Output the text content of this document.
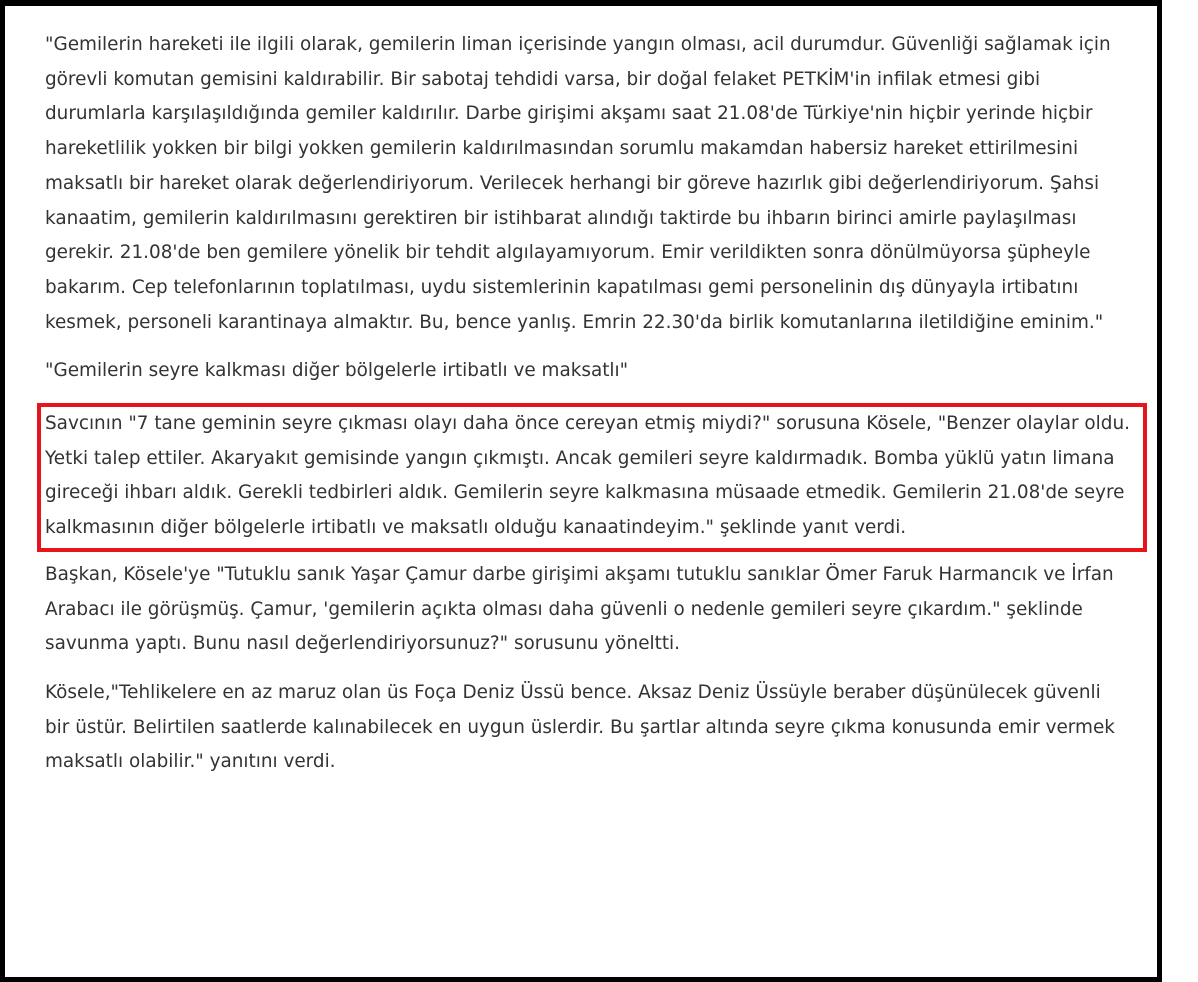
"Gemilerin hareketi ile ilgili olarak, gemilerin liman içerisinde yangın olması, acil durumdur. Güvenliği sağlamak için görevli komutan gemisini kaldırabilir. Bir sabotaj tehdidi varsa, bir doğal felaket PETKİM'in infilak etmesi gibi durumlarla karşılaşıldığında gemiler kaldırılır. Darbe girişimi akşamı saat 21.08'de Türkiye'nin hiçbir yerinde hiçbir hareketlilik yokken bir bilgi yokken gemilerin kaldırılmasından sorumlu makamdan habersiz hareket ettirilmesini maksatlı bir hareket olarak değerlendiriyorum. Verilecek herhangi bir göreve hazırlık gibi değerlendiriyorum. Şahsi kanaatim, gemilerin kaldırılmasını gerektiren bir istihbarat alındığı taktirde bu ihbarın birinci amirle paylaşılması gerekir. 21.08'de ben gemilere yönelik bir tehdit algılayamıyorum. Emir verildikten sonra dönülmüyorsa şüpheyle bakarım. Cep telefonlarının toplatılması, uydu sistemlerinin kapatılması gemi personelinin dış dünyayla irtibatını kesmek, personeli karantinaya almaktır. Bu, bence yanlış. Emrin 22.30'da birlik komutanlarına iletildiğine eminim."

"Gemilerin seyre kalkması diğer bölgelerle irtibatlı ve maksatlı"

Savcının "7 tane geminin seyre çıkması olayı daha önce cereyan etmiş miydi?" sorusuna Kösele, "Benzer olaylar oldu. Yetki talep ettiler. Akaryakıt gemisinde yangın çıkmıştı. Ancak gemileri seyre kaldırmadık. Bomba yüklü yatın limana gireceği ihbarı aldık. Gerekli tedbirleri aldık. Gemilerin seyre kalkmasına müsaade etmedik. Gemilerin 21.08'de seyre kalkmasının diğer bölgelerle irtibatlı ve maksatlı olduğu kanaatindeyim." şeklinde yanıt verdi.

Başkan, Kösele'ye "Tutuklu sanık Yaşar Çamur darbe girişimi akşamı tutuklu sanıklar Ömer Faruk Harmancık ve İrfan Arabacı ile görüşmüş. Çamur, 'gemilerin açıkta olması daha güvenli o nedenle gemileri seyre çıkardım." şeklinde savunma yaptı. Bunu nasıl değerlendiriyorsunuz?" sorusunu yöneltti.

Kösele,"Tehlikelere en az maruz olan üs Foça Deniz Üssü bence. Aksaz Deniz Üssüyle beraber düşünülecek güvenli bir üstür. Belirtilen saatlerde kalınabilecek en uygun üslerdir. Bu şartlar altında seyre çıkma konusunda emir vermek maksatlı olabilir." yanıtını verdi.
